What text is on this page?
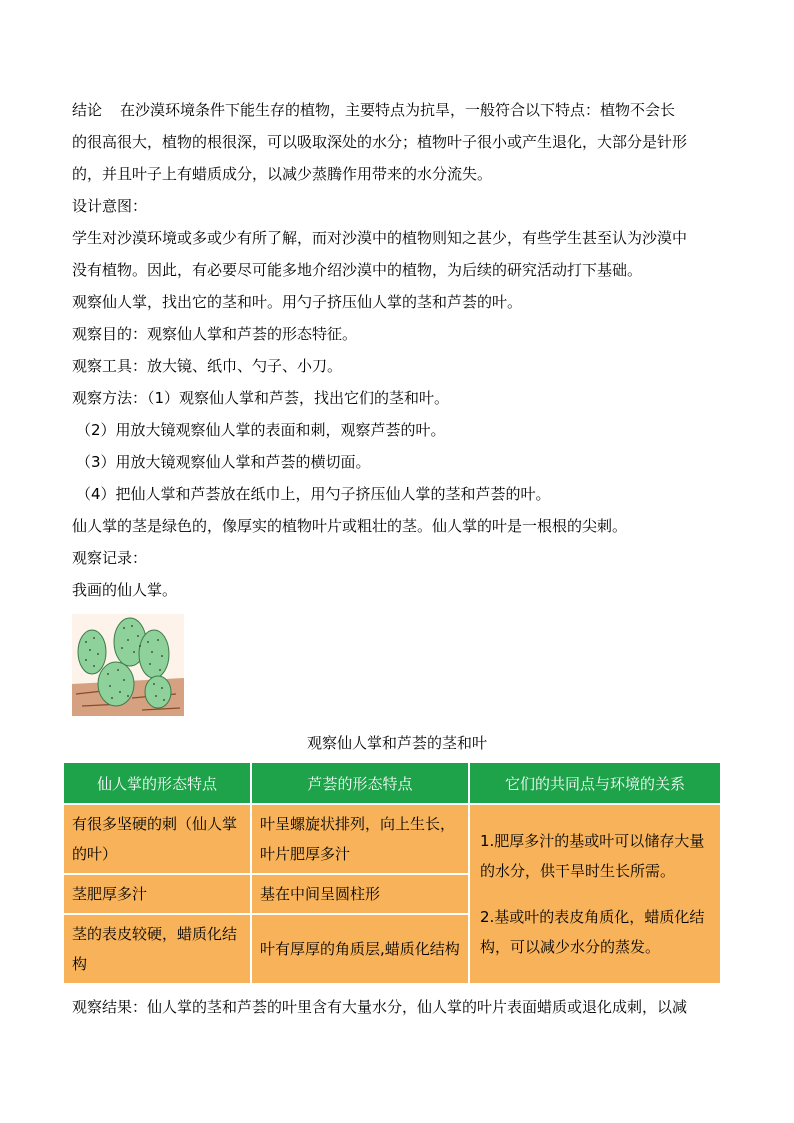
结论 在沙漠环境条件下能生存的植物，主要特点为抗旱，一般符合以下特点：植物不会长

的很高很大，植物的根很深，可以吸取深处的水分；植物叶子很小或产生退化，大部分是针形

的，并且叶子上有蜡质成分，以减少蒸腾作用带来的水分流失。

设计意图：

学生对沙漠环境或多或少有所了解，而对沙漠中的植物则知之甚少，有些学生甚至认为沙漠中

没有植物。因此，有必要尽可能多地介绍沙漠中的植物，为后续的研究活动打下基础。

观察仙人掌，找出它的茎和叶。用勺子挤压仙人掌的茎和芦荟的叶。

观察目的：观察仙人掌和芦荟的形态特征。

观察工具：放大镜、纸巾、勺子、小刀。

观察方法：（1）观察仙人掌和芦荟，找出它们的茎和叶。

（2）用放大镜观察仙人掌的表面和刺，观察芦荟的叶。

（3）用放大镜观察仙人掌和芦荟的横切面。

（4）把仙人掌和芦荟放在纸巾上，用勺子挤压仙人掌的茎和芦荟的叶。

仙人掌的茎是绿色的，像厚实的植物叶片或粗壮的茎。仙人掌的叶是一根根的尖刺。

观察记录：

我画的仙人掌。

观察仙人掌和芦荟的茎和叶
仙人掌的形态特点	芦荟的形态特点	它们的共同点与环境的关系
有很多坚硬的刺（仙人掌的叶）	叶呈螺旋状排列，向上生长，叶片肥厚多汁	1.肥厚多汁的基或叶可以储存大量的水分，供干旱时生长所需。
2.基或叶的表皮角质化，蜡质化结构，可以减少水分的蒸发。

茎肥厚多汁	基在中间呈圆柱形	
茎的表皮较硬，蜡质化结构	叶有厚厚的角质层,蜡质化结构	

观察结果：仙人掌的茎和芦荟的叶里含有大量水分，仙人掌的叶片表面蜡质或退化成刺，以减
